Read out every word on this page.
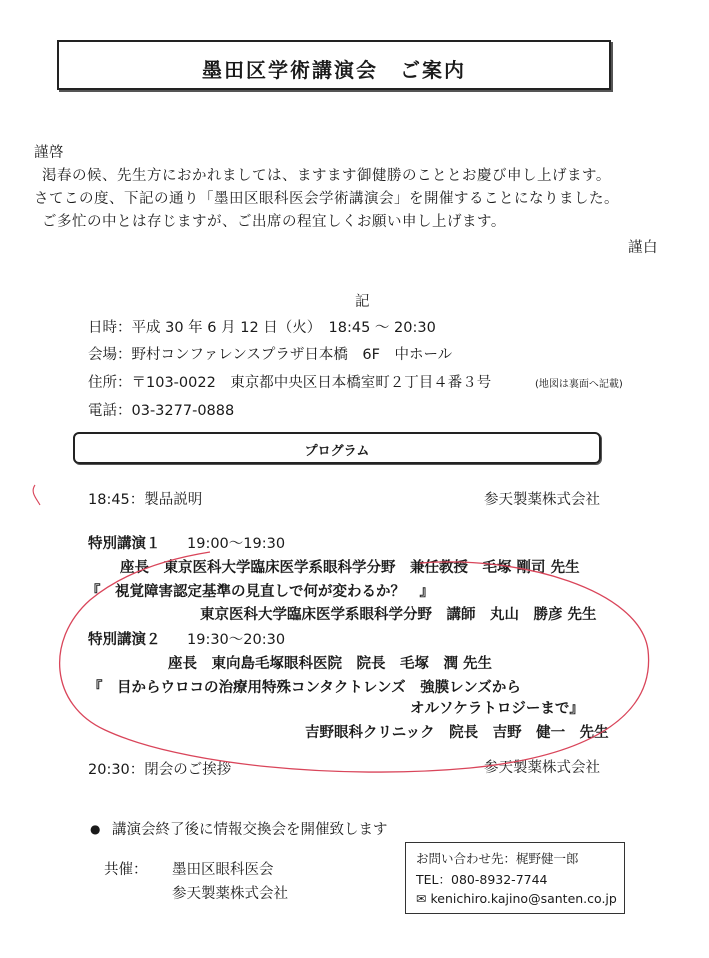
墨田区学術講演会　ご案内
謹啓
渇春の候、先生方におかれましては、ますます御健勝のこととお慶び申し上げます。
さてこの度、下記の通り「墨田区眼科医会学術講演会」を開催することになりました。
ご多忙の中とは存じますが、ご出席の程宜しくお願い申し上げます。
謹白
記
日時：平成 30 年 6 月 12 日（火）　18:45 ～ 20:30
会場：野村コンファレンスプラザ日本橋　6F　中ホール
住所：〒103-0022　東京都中央区日本橋室町２丁目４番３号	(地図は裏面へ記載)
電話：03-3277-0888
プログラム
18:45：製品説明	参天製薬株式会社
特別講演１ 19:00～19:30
座長　東京医科大学臨床医学系眼科学分野　兼任教授　毛塚 剛司 先生
『　視覚障害認定基準の見直しで何が変わるか？　』
東京医科大学臨床医学系眼科学分野　講師　丸山　勝彦 先生
特別講演２ 19:30～20:30
座長　東向島毛塚眼科医院　院長　毛塚　潤 先生
『　目からウロコの治療用特殊コンタクトレンズ　強膜レンズから
オルソケラトロジーまで』
吉野眼科クリニック　院長　吉野　健一　先生
20:30：閉会のご挨拶	参天製薬株式会社
● 講演会終了後に情報交換会を開催致します
共催： 墨田区眼科医会
参天製薬株式会社
お問い合わせ先：梶野健一郎
TEL：080-8932-7744
✉ kenichiro.kajino@santen.co.jp
